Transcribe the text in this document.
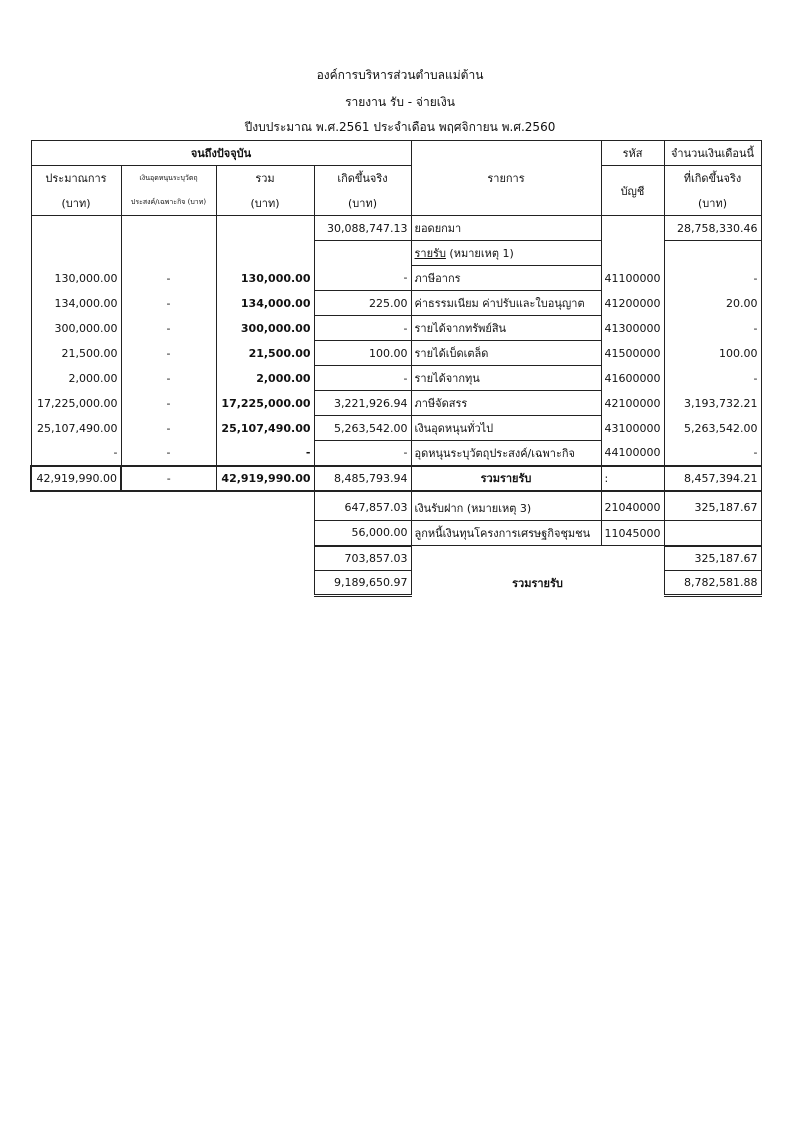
องค์การบริหารส่วนตำบลแม่ต้าน
รายงาน รับ - จ่ายเงิน
ปีงบประมาณ พ.ศ.2561 ประจำเดือน พฤศจิกายน พ.ศ.2560
จนถึงปัจจุบัน				รายการ	รหัส	จำนวนเงินเดือนนี้
ประมาณการ	เงินอุดหนุนระบุวัตถุ	รวม	เกิดขึ้นจริง		บัญชี	ที่เกิดขึ้นจริง
(บาท)	ประสงค์/เฉพาะกิจ (บาท)	(บาท)	(บาท)			(บาท)
			30,088,747.13	ยอดยกมา		28,758,330.46
				รายรับ (หมายเหตุ 1)		
130,000.00	-	130,000.00	-	ภาษีอากร	41100000	-
134,000.00	-	134,000.00	225.00	ค่าธรรมเนียม ค่าปรับและใบอนุญาต	41200000	20.00
300,000.00	-	300,000.00	-	รายได้จากทรัพย์สิน	41300000	-
21,500.00	-	21,500.00	100.00	รายได้เบ็ดเตล็ด	41500000	100.00
2,000.00	-	2,000.00	-	รายได้จากทุน	41600000	-
17,225,000.00	-	17,225,000.00	3,221,926.94	ภาษีจัดสรร	42100000	3,193,732.21
25,107,490.00	-	25,107,490.00	5,263,542.00	เงินอุดหนุนทั่วไป	43100000	5,263,542.00
-	-	-	-	อุดหนุนระบุวัตถุประสงค์/เฉพาะกิจ	44100000	-
42,919,990.00	-	42,919,990.00	8,485,793.94	รวมรายรับ	:	8,457,394.21

			647,857.03	เงินรับฝาก (หมายเหตุ 3)	21040000	325,187.67
			56,000.00	ลูกหนี้เงินทุนโครงการเศรษฐกิจชุมชน	11045000	
			703,857.03			325,187.67
			9,189,650.97	รวมรายรับ		8,782,581.88
